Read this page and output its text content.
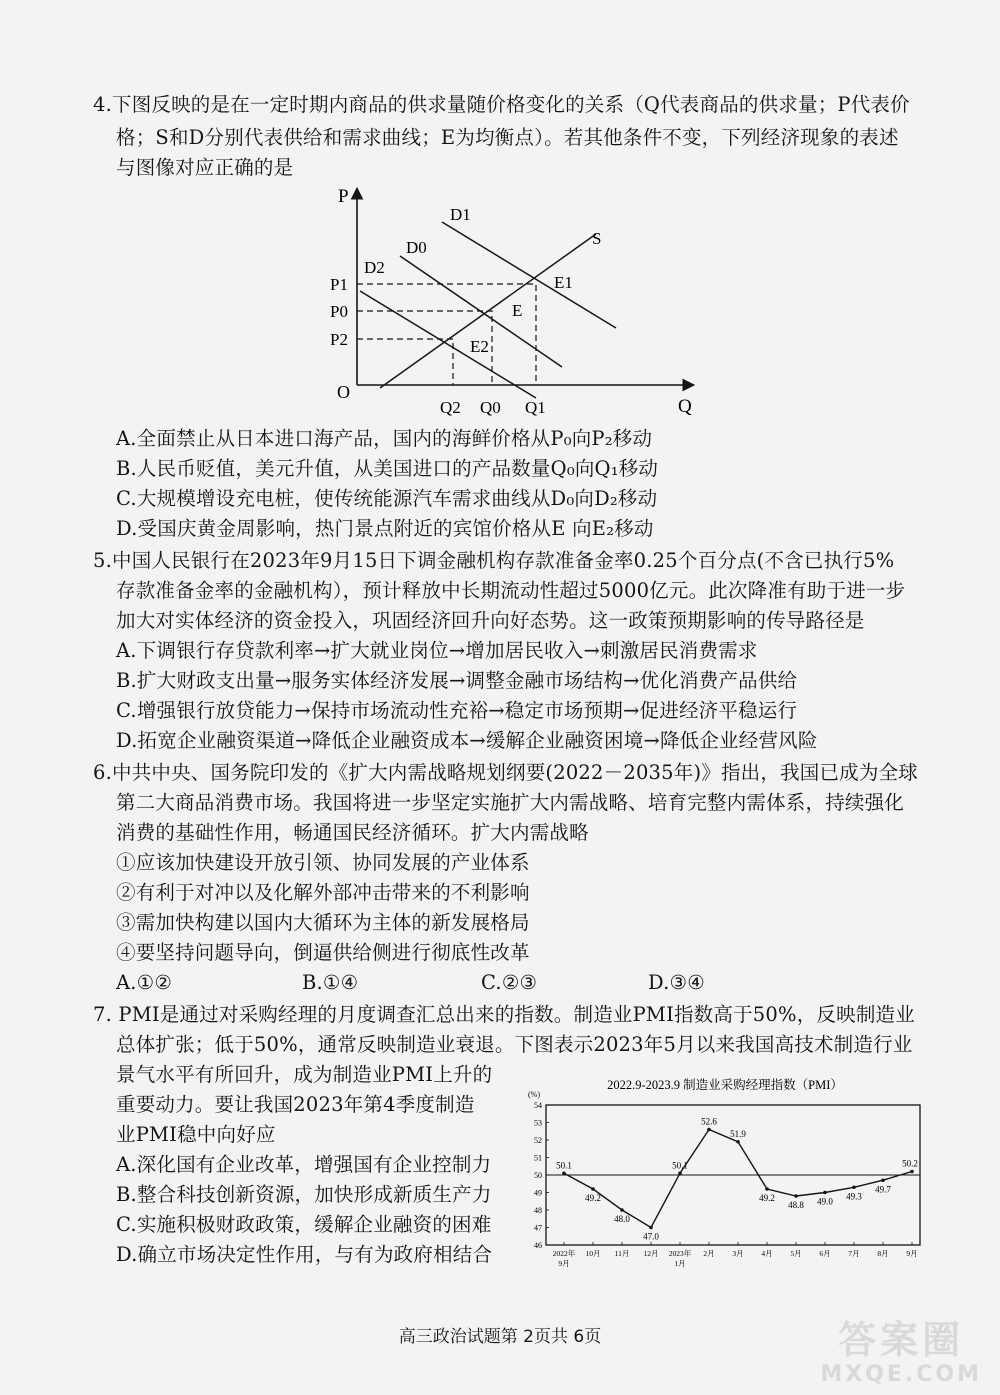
4.下图反映的是在一定时期内商品的供求量随价格变化的关系（Q代表商品的供求量；P代表价
格；S和D分别代表供给和需求曲线；E为均衡点）。若其他条件不变，下列经济现象的表述
与图像对应正确的是
P
Q
O
P1
P0
P2
Q2 Q0 Q1
D1
D0
D2
S
E
E1
E2
A.全面禁止从日本进口海产品，国内的海鲜价格从P₀向P₂移动
B.人民币贬值，美元升值，从美国进口的产品数量Q₀向Q₁移动
C.大规模增设充电桩，使传统能源汽车需求曲线从D₀向D₂移动
D.受国庆黄金周影响，热门景点附近的宾馆价格从E 向E₂移动
5.中国人民银行在2023年9月15日下调金融机构存款准备金率0.25个百分点(不含已执行5%
存款准备金率的金融机构），预计释放中长期流动性超过5000亿元。此次降准有助于进一步
加大对实体经济的资金投入，巩固经济回升向好态势。这一政策预期影响的传导路径是
A.下调银行存贷款利率→扩大就业岗位→增加居民收入→刺激居民消费需求
B.扩大财政支出量→服务实体经济发展→调整金融市场结构→优化消费产品供给
C.增强银行放贷能力→保持市场流动性充裕→稳定市场预期→促进经济平稳运行
D.拓宽企业融资渠道→降低企业融资成本→缓解企业融资困境→降低企业经营风险
6.中共中央、国务院印发的《扩大内需战略规划纲要(2022－2035年)》指出，我国已成为全球
第二大商品消费市场。我国将进一步坚定实施扩大内需战略、培育完整内需体系，持续强化
消费的基础性作用，畅通国民经济循环。扩大内需战略
①应该加快建设开放引领、协同发展的产业体系
②有利于对冲以及化解外部冲击带来的不利影响
③需加快构建以国内大循环为主体的新发展格局
④要坚持问题导向，倒逼供给侧进行彻底性改革
A.①②	B.①④	C.②③	D.③④
7. PMI是通过对采购经理的月度调查汇总出来的指数。制造业PMI指数高于50%，反映制造业
总体扩张；低于50%，通常反映制造业衰退。下图表示2023年5月以来我国高技术制造行业
景气水平有所回升，成为制造业PMI上升的
重要动力。要让我国2023年第4季度制造
业PMI稳中向好应
A.深化国有企业改革，增强国有企业控制力
B.整合科技创新资源，加快形成新质生产力
C.实施积极财政政策，缓解企业融资的困难
D.确立市场决定性作用，与有为政府相结合
2022.9-2023.9 制造业采购经理指数（PMI）
(%)
46
47
48
49
50
51
52
53
54
2022年
9月
10月 11月 12月 2023年
1月
2月 3月 4月 5月 6月 7月 8月 9月
50.1
49.2
48.0
47.0
50.1
52.6
51.9
49.2
48.8 49.0
49.3
49.7
50.2
高三政治试题第 2页共 6页	答案圈
MXQE.COM
